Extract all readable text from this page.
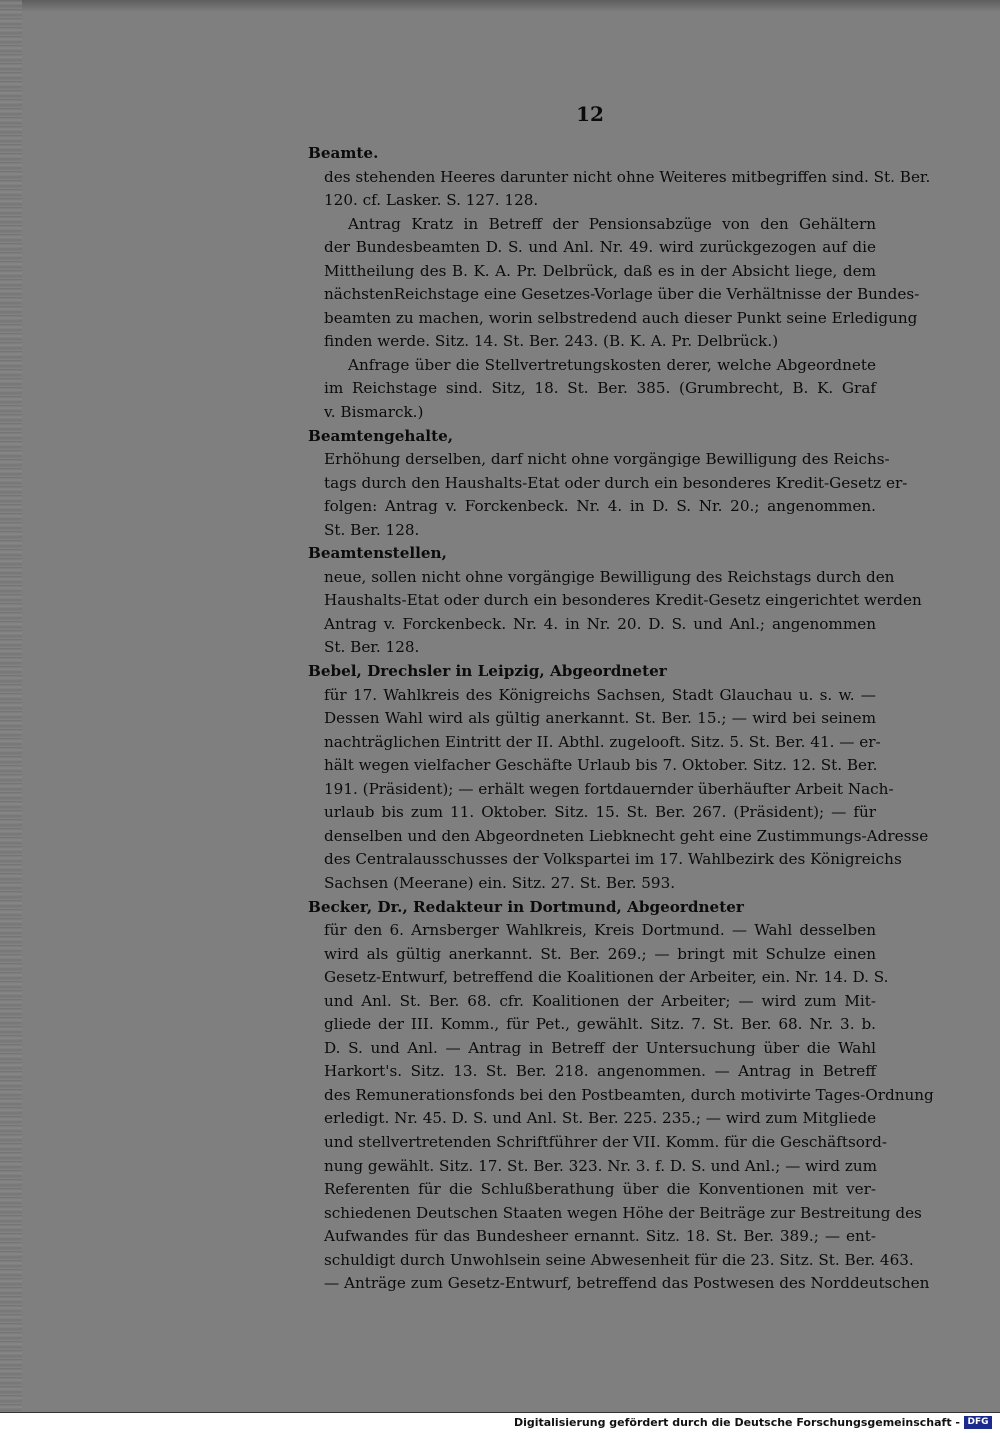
12

Beamte.

des stehenden Heeres darunter nicht ohne Weiteres mitbegriffen sind. St. Ber.

120. cf. Lasker. S. 127. 128.

Antrag Kratz in Betreff der Pensionsabzüge von den Gehältern

der Bundesbeamten D. S. und Anl. Nr. 49. wird zurückgezogen auf die

Mittheilung des B. K. A. Pr. Delbrück, daß es in der Absicht liege, dem

nächstenReichstage eine Gesetzes-Vorlage über die Verhältnisse der Bundes-

beamten zu machen, worin selbstredend auch dieser Punkt seine Erledigung

finden werde. Sitz. 14. St. Ber. 243. (B. K. A. Pr. Delbrück.)

Anfrage über die Stellvertretungskosten derer, welche Abgeordnete

im Reichstage sind. Sitz, 18. St. Ber. 385. (Grumbrecht, B. K. Graf

v. Bismarck.)

Beamtengehalte,

Erhöhung derselben, darf nicht ohne vorgängige Bewilligung des Reichs-

tags durch den Haushalts-Etat oder durch ein besonderes Kredit-Gesetz er-

folgen: Antrag v. Forckenbeck. Nr. 4. in D. S. Nr. 20.; angenommen.

St. Ber. 128.

Beamtenstellen,

neue, sollen nicht ohne vorgängige Bewilligung des Reichstags durch den

Haushalts-Etat oder durch ein besonderes Kredit-Gesetz eingerichtet werden

Antrag v. Forckenbeck. Nr. 4. in Nr. 20. D. S. und Anl.; angenommen

St. Ber. 128.

Bebel, Drechsler in Leipzig, Abgeordneter

für 17. Wahlkreis des Königreichs Sachsen, Stadt Glauchau u. s. w. —

Dessen Wahl wird als gültig anerkannt. St. Ber. 15.; — wird bei seinem

nachträglichen Eintritt der II. Abthl. zugelooft. Sitz. 5. St. Ber. 41. — er-

hält wegen vielfacher Geschäfte Urlaub bis 7. Oktober. Sitz. 12. St. Ber.

191. (Präsident); — erhält wegen fortdauernder überhäufter Arbeit Nach-

urlaub bis zum 11. Oktober. Sitz. 15. St. Ber. 267. (Präsident); — für

denselben und den Abgeordneten Liebknecht geht eine Zustimmungs-Adresse

des Centralausschusses der Volkspartei im 17. Wahlbezirk des Königreichs

Sachsen (Meerane) ein. Sitz. 27. St. Ber. 593.

Becker, Dr., Redakteur in Dortmund, Abgeordneter

für den 6. Arnsberger Wahlkreis, Kreis Dortmund. — Wahl desselben

wird als gültig anerkannt. St. Ber. 269.; — bringt mit Schulze einen

Gesetz-Entwurf, betreffend die Koalitionen der Arbeiter, ein. Nr. 14. D. S.

und Anl. St. Ber. 68. cfr. Koalitionen der Arbeiter; — wird zum Mit-

gliede der III. Komm., für Pet., gewählt. Sitz. 7. St. Ber. 68. Nr. 3. b.

D. S. und Anl. — Antrag in Betreff der Untersuchung über die Wahl

Harkort's. Sitz. 13. St. Ber. 218. angenommen. — Antrag in Betreff

des Remunerationsfonds bei den Postbeamten, durch motivirte Tages-Ordnung

erledigt. Nr. 45. D. S. und Anl. St. Ber. 225. 235.; — wird zum Mitgliede

und stellvertretenden Schriftführer der VII. Komm. für die Geschäftsord-

nung gewählt. Sitz. 17. St. Ber. 323. Nr. 3. f. D. S. und Anl.; — wird zum

Referenten für die Schlußberathung über die Konventionen mit ver-

schiedenen Deutschen Staaten wegen Höhe der Beiträge zur Bestreitung des

Aufwandes für das Bundesheer ernannt. Sitz. 18. St. Ber. 389.; — ent-

schuldigt durch Unwohlsein seine Abwesenheit für die 23. Sitz. St. Ber. 463.

— Anträge zum Gesetz-Entwurf, betreffend das Postwesen des Norddeutschen

Digitalisierung gefördert durch die Deutsche Forschungsgemeinschaft - DFG
